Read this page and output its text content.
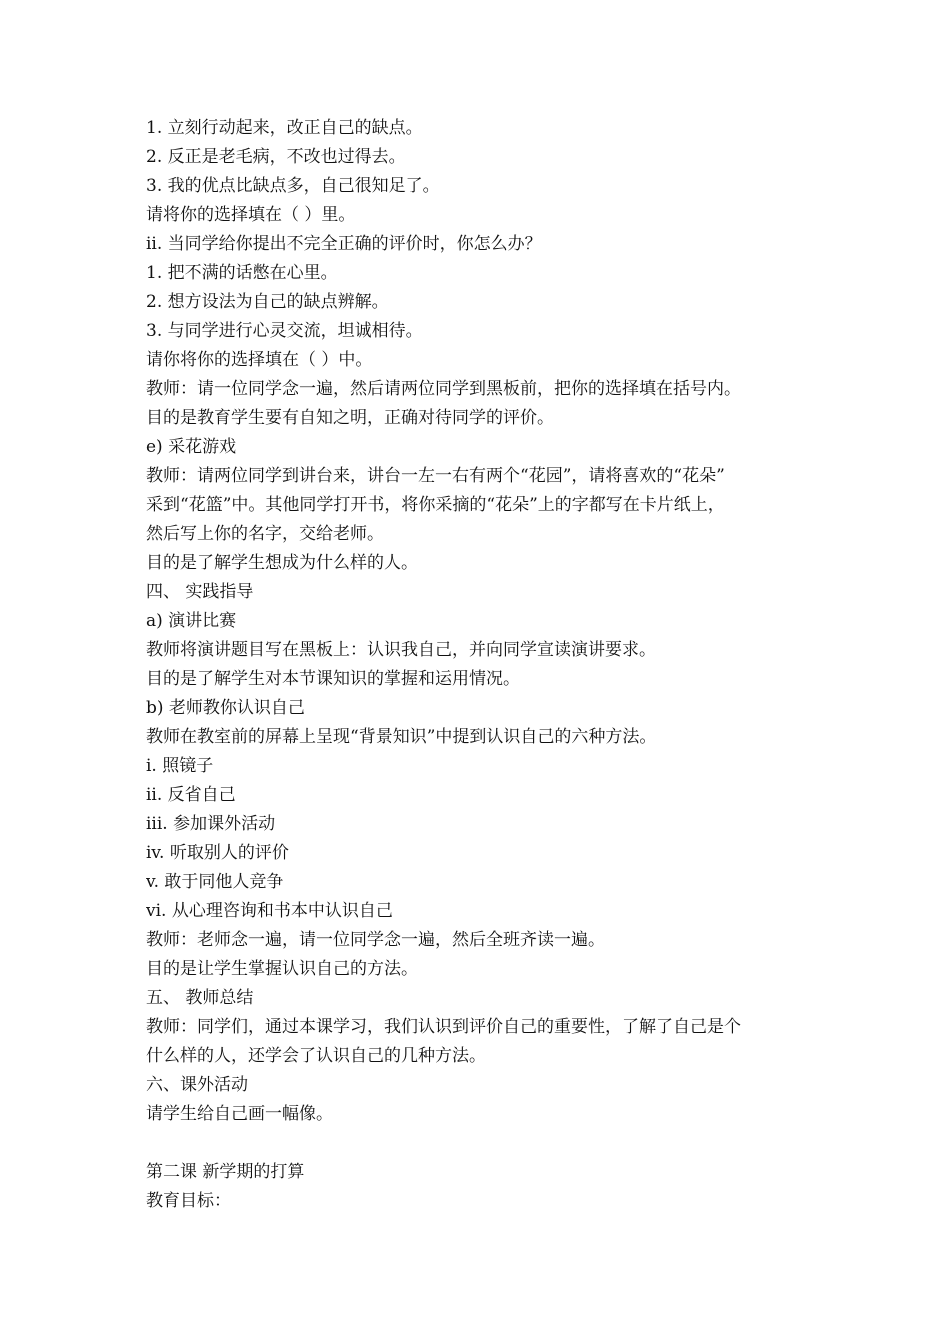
1. 立刻行动起来，改正自己的缺点。
2. 反正是老毛病，不改也过得去。
3. 我的优点比缺点多，自己很知足了。
请将你的选择填在（ ）里。
ii. 当同学给你提出不完全正确的评价时，你怎么办？
1. 把不满的话憋在心里。
2. 想方设法为自己的缺点辨解。
3. 与同学进行心灵交流，坦诚相待。
请你将你的选择填在（ ）中。
教师：请一位同学念一遍，然后请两位同学到黑板前，把你的选择填在括号内。
目的是教育学生要有自知之明，正确对待同学的评价。
e) 采花游戏
教师：请两位同学到讲台来，讲台一左一右有两个“花园”，请将喜欢的“花朵”
采到“花篮”中。其他同学打开书，将你采摘的“花朵”上的字都写在卡片纸上，
然后写上你的名字，交给老师。
目的是了解学生想成为什么样的人。
四、 实践指导
a) 演讲比赛
教师将演讲题目写在黑板上：认识我自己，并向同学宣读演讲要求。
目的是了解学生对本节课知识的掌握和运用情况。
b) 老师教你认识自己
教师在教室前的屏幕上呈现“背景知识”中提到认识自己的六种方法。
i. 照镜子
ii. 反省自己
iii. 参加课外活动
iv. 听取别人的评价
v. 敢于同他人竞争
vi. 从心理咨询和书本中认识自己
教师：老师念一遍，请一位同学念一遍，然后全班齐读一遍。
目的是让学生掌握认识自己的方法。
五、 教师总结
教师：同学们，通过本课学习，我们认识到评价自己的重要性，了解了自己是个
什么样的人，还学会了认识自己的几种方法。
六、课外活动
请学生给自己画一幅像。
第二课 新学期的打算
教育目标：
